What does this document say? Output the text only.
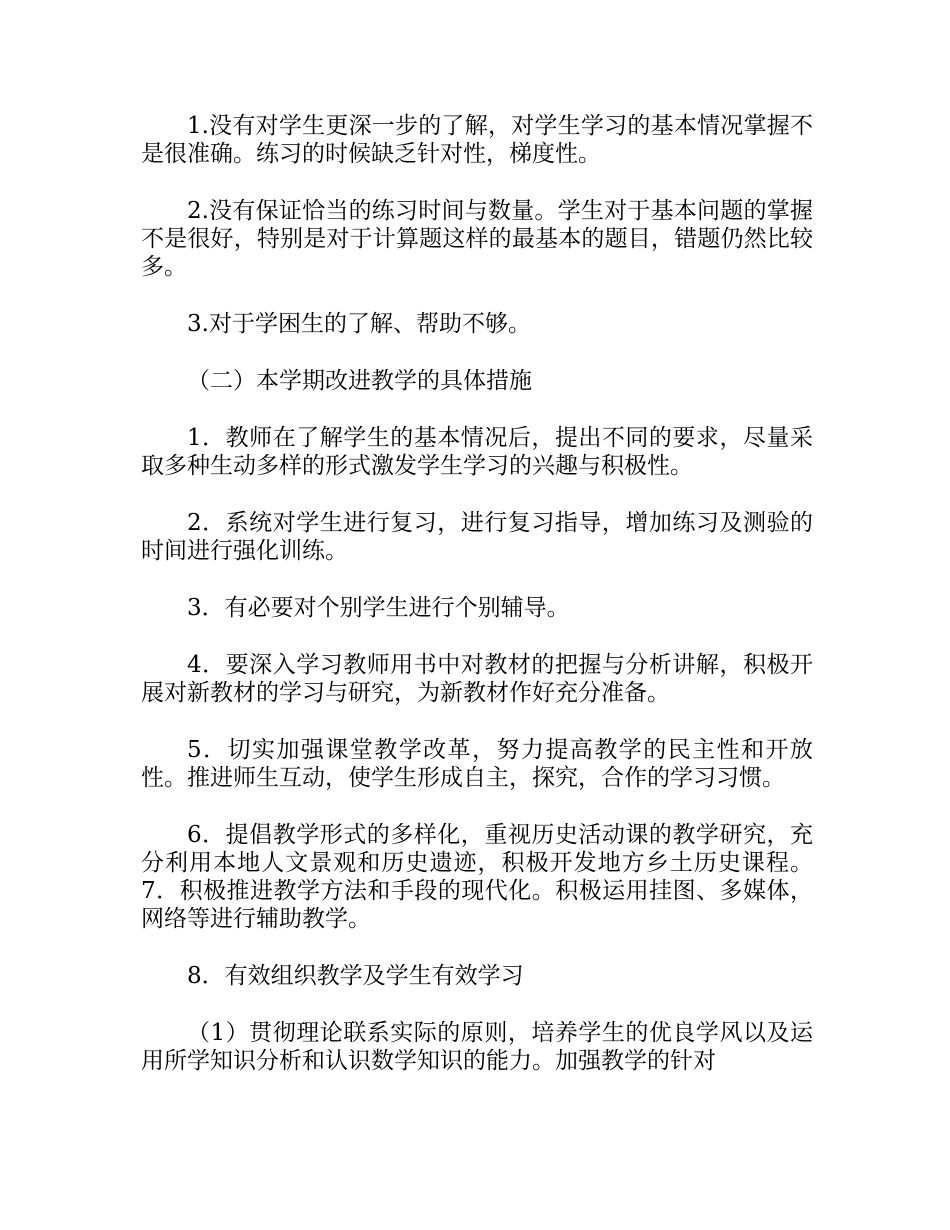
1.没有对学生更深一步的了解，对学生学习的基本情况掌握不是很准确。练习的时候缺乏针对性，梯度性。

2.没有保证恰当的练习时间与数量。学生对于基本问题的掌握不是很好，特别是对于计算题这样的最基本的题目，错题仍然比较多。

3.对于学困生的了解、帮助不够。

（二）本学期改进教学的具体措施

1．教师在了解学生的基本情况后，提出不同的要求，尽量采取多种生动多样的形式激发学生学习的兴趣与积极性。

2．系统对学生进行复习，进行复习指导，增加练习及测验的时间进行强化训练。

3．有必要对个别学生进行个别辅导。

4．要深入学习教师用书中对教材的把握与分析讲解，积极开展对新教材的学习与研究，为新教材作好充分准备。

5．切实加强课堂教学改革，努力提高教学的民主性和开放性。推进师生互动，使学生形成自主，探究，合作的学习习惯。

6．提倡教学形式的多样化，重视历史活动课的教学研究，充分利用本地人文景观和历史遗迹，积极开发地方乡土历史课程。7．积极推进教学方法和手段的现代化。积极运用挂图、多媒体，网络等进行辅助教学。

8．有效组织教学及学生有效学习

（1）贯彻理论联系实际的原则，培养学生的优良学风以及运用所学知识分析和认识数学知识的能力。加强教学的针对
